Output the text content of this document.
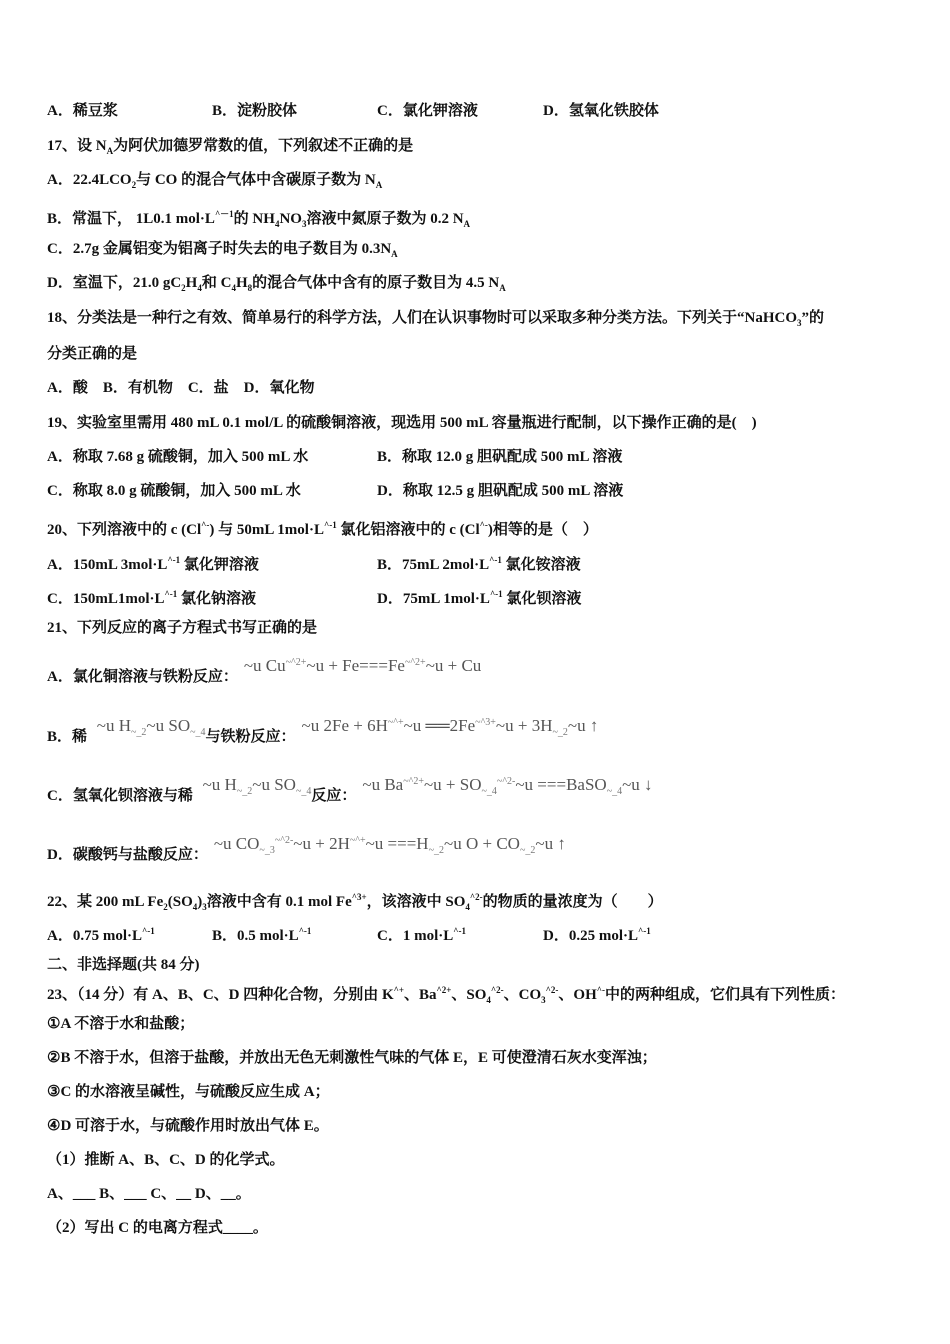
A．稀豆浆	B．淀粉胶体	C．氯化钾溶液	D．氢氧化铁胶体
17、设 $N_A$为阿伏加德罗常数的值，下列叙述不正确的是
A．$22.4LCO_2$与 CO 的混合气体中含碳原子数为 $N_A$
B．常温下， 1L0.1 $mol\cdot L^{\^{}-1}$的 $NH_4NO_3$溶液中氮原子数为 0.2 $N_A$
C．2.7g 金属铝变为铝离子时失去的电子数目为 $0.3N_A$
D．室温下，21.0 $gC_2H_4$和 $C_4H_8$的混合气体中含有的原子数目为 4.5 $N_A$
18、分类法是一种行之有效、简单易行的科学方法，人们在认识事物时可以采取多种分类方法。下列关于“NaHCO$_3$”的
分类正确的是
A．酸　B．有机物　C．盐　D．氧化物
19、实验室里需用 480 mL 0.1 mol/L 的硫酸铜溶液，现选用 500 mL 容量瓶进行配制，以下操作正确的是(　)
A．称取 7.68 g 硫酸铜，加入 500 mL 水	B．称取 12.0 g 胆矾配成 500 mL 溶液
C．称取 8.0 g 硫酸铜，加入 500 mL 水	D．称取 12.5 g 胆矾配成 500 mL 溶液
20、下列溶液中的 c (Cl^-) 与 50mL $1mol\cdot L^{\^{}-1}$ 氯化铝溶液中的 c (Cl^-)相等的是（　）
A．150mL $3mol\cdot L^{\^{}-1}$ 氯化钾溶液	B．75mL $2mol\cdot L^{\^{}-1}$ 氯化铵溶液
C．$150mL1mol\cdot L^{\^{}-1}$ 氯化钠溶液	D．75mL $1mol\cdot L^{\^{}-1}$ 氯化钡溶液
21、下列反应的离子方程式书写正确的是
A．氯化铜溶液与铁粉反应：~u $Cu^{\sim\^{}2+}\sim u$ + $Fe===Fe^{\sim\^{}2+}\sim u + Cu$
B．稀 ~u $H_{\sim\_2}\sim u$ $SO_{\sim\_4}$与铁粉反应：~u 2Fe + 6H~^+~u $══2Fe^{\sim\^{}3+}\sim u$ + $3H_{\sim\_2}\sim u$ ↑
C．氢氧化钡溶液与稀 ~u $H_{\sim\_2}\sim u$ $SO_{\sim\_4}$反应：~u $Ba^{\sim\^{}2+}\sim u$ + $SO_{\sim\_4}^{\sim\^{}2-}\sim u$ ===BaSO$_{\sim\_4}$~u ↓
D．碳酸钙与盐酸反应：~u $CO_{\sim\_3}^{\sim\^{}2-}\sim u$ + 2H~^+~u $===H_{\sim\_2}\sim u$ $O + CO_{\sim\_2}\sim u$ ↑
22、某 200 mL $Fe_2(SO_4)_3$溶液中含有 0.1 mol $Fe^{\^{}3+}$，该溶液中 $SO_4^{\^{}2-}$的物质的量浓度为（　　）
A．0.75 $mol\cdot L^{\^{}-1}$	B．0.5 $mol\cdot L^{\^{}-1}$	C．1 $mol\cdot L^{\^{}-1}$	D．0.25 $mol\cdot L^{\^{}-1}$
二、非选择题(共 84 分)
23、（14 分）有 A、B、C、D 四种化合物，分别由 K^+、$Ba^{\^{}2+}$、$SO_4^{\^{}2-}$、$CO_3^{\^{}2-}$、OH^-中的两种组成，它们具有下列性质：
①A 不溶于水和盐酸；
②B 不溶于水，但溶于盐酸，并放出无色无刺激性气味的气体 E，E 可使澄清石灰水变浑浊；
③C 的水溶液呈碱性，与硫酸反应生成 A；
④D 可溶于水，与硫酸作用时放出气体 E。
（1）推断 A、B、C、D 的化学式。
A、___ B、___ C、__ D、__。
（2）写出 C 的电离方程式____。
